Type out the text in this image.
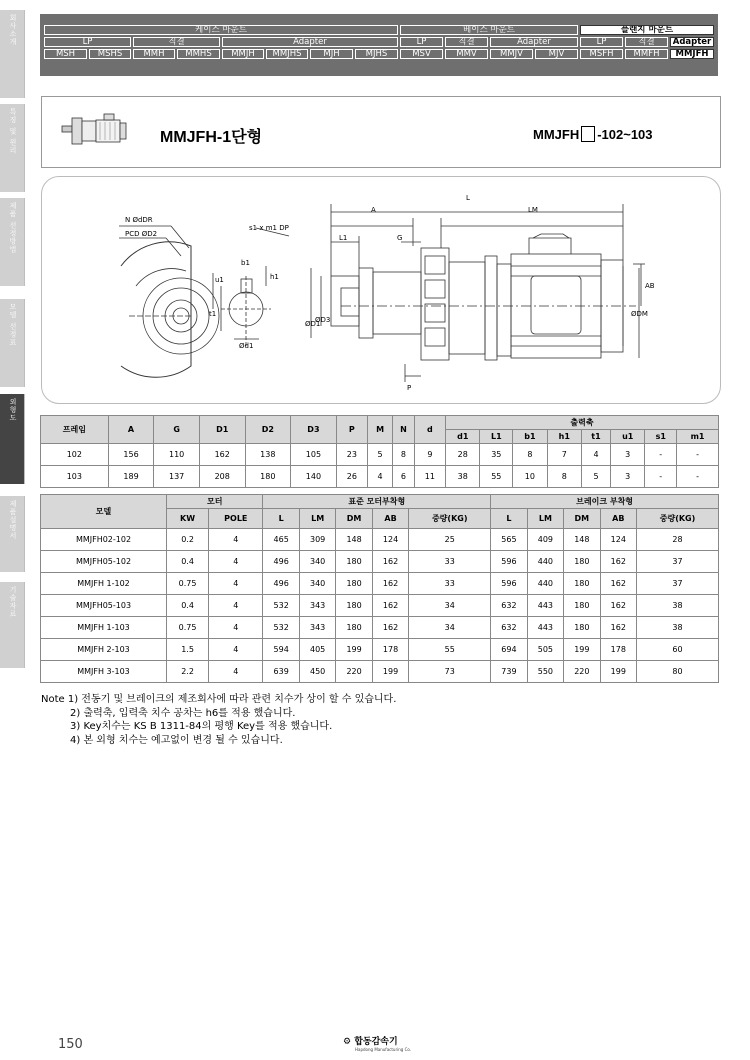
회사소개
특징 및 원리
제품 선정방법
모델 선정표
외형도
제품설명서
기술자료
케이스 마운트	베이스 마운트	플랜지 마운트
LP	직결	Adapter	LP	직결	Adapter	LP	직결	Adapter
MSH	MSHS	MMH	MMHS	MMJH	MMJHS	MJH	MJHS	MSV	MMV	MMJV	MJV	MSFH	MMFH	MMJFH
MMJFH-1단형	MMJFH -102~103
N ØdDR
PCD ØD2
s1 x m1 DP
b1
h1
u1
t1
Ød1
A
L1	G
L
LM
AB
ØD1
ØD3
ØDM
P
프레임	A	G	D1	D2	D3	P	M	N	d	출력축							
										d1	L1	b1	h1	t1	u1	s1	m1
102	156	110	162	138	105	23	5	8	9	28	35	8	7	4	3	-	-
103	189	137	208	180	140	26	4	6	11	38	55	10	8	5	3	-	-
모델	모터		표준 모터부착형					브레이크 부착형				
	KW	POLE	L	LM	DM	AB	중량(KG)	L	LM	DM	AB	중량(KG)
MMJFH02-102	0.2	4	465	309	148	124	25	565	409	148	124	28
MMJFH05-102	0.4	4	496	340	180	162	33	596	440	180	162	37
MMJFH 1-102	0.75	4	496	340	180	162	33	596	440	180	162	37
MMJFH05-103	0.4	4	532	343	180	162	34	632	443	180	162	38
MMJFH 1-103	0.75	4	532	343	180	162	34	632	443	180	162	38
MMJFH 2-103	1.5	4	594	405	199	178	55	694	505	199	178	60
MMJFH 3-103	2.2	4	639	450	220	199	73	739	550	220	199	80
Note 1) 전동기 및 브레이크의 제조회사에 따라 관련 치수가 상이 할 수 있습니다.
2) 출력축, 입력축 치수 공차는 h6를 적용 했습니다.
3) Key치수는 KS B 1311-84의 평행 Key를 적용 했습니다.
4) 본 외형 치수는 예고없이 변경 될 수 있습니다.
150	⚙ 합동감속기
Hapdong Manufacturing Co.
